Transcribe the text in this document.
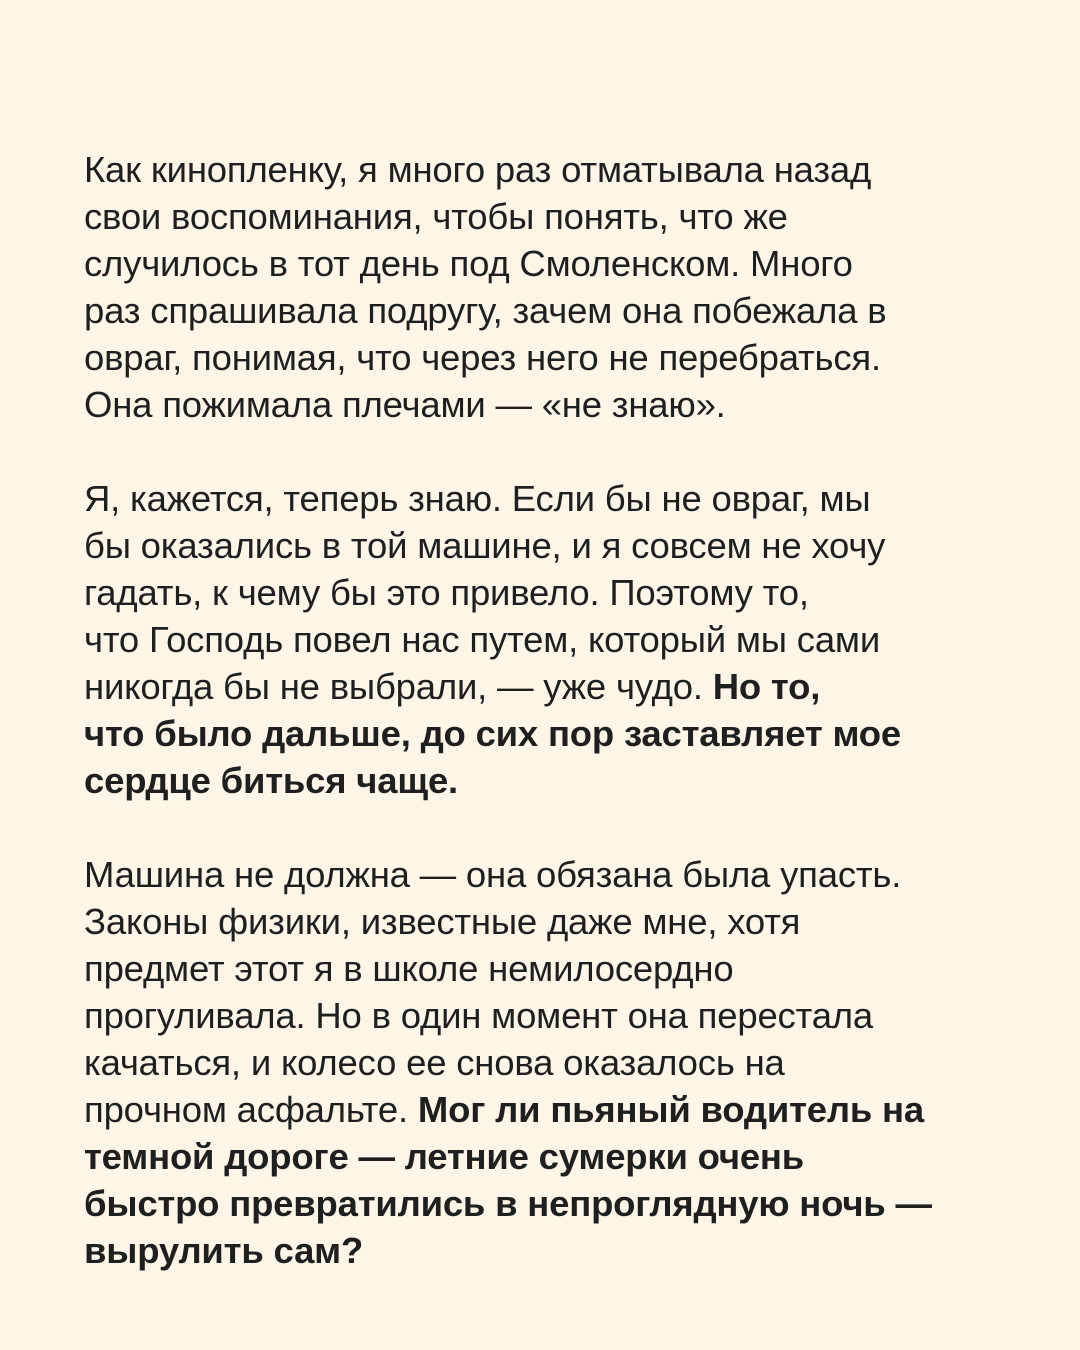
Как кинопленку, я много раз отматывала назад
свои воспоминания, чтобы понять, что же
случилось в тот день под Смоленском. Много
раз спрашивала подругу, зачем она побежала в
овраг, понимая, что через него не перебраться.
Она пожимала плечами — «не знаю».

Я, кажется, теперь знаю. Если бы не овраг, мы
бы оказались в той машине, и я совсем не хочу
гадать, к чему бы это привело. Поэтому то,
что Господь повел нас путем, который мы сами
никогда бы не выбрали, — уже чудо. Но то,
что было дальше, до сих пор заставляет мое
сердце биться чаще.

Машина не должна — она обязана была упасть.
Законы физики, известные даже мне, хотя
предмет этот я в школе немилосердно
прогуливала. Но в один момент она перестала
качаться, и колесо ее снова оказалось на
прочном асфальте. Мог ли пьяный водитель на
темной дороге — летние сумерки очень
быстро превратились в непроглядную ночь —
вырулить сам?
